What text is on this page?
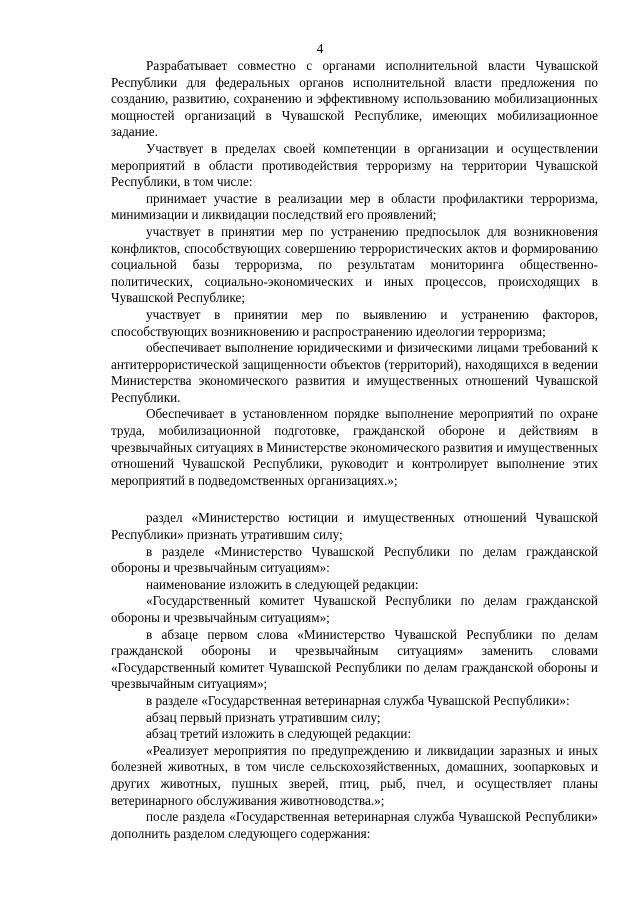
4

Разрабатывает совместно с органами исполнительной власти Чувашской Республики для федеральных органов исполнительной власти предложения по созданию, развитию, сохранению и эффективному использованию мобилизационных мощностей организаций в Чувашской Республике, имеющих мобилизационное задание.

Участвует в пределах своей компетенции в организации и осуществлении мероприятий в области противодействия терроризму на территории Чувашской Республики, в том числе:

принимает участие в реализации мер в области профилактики терроризма, минимизации и ликвидации последствий его проявлений;

участвует в принятии мер по устранению предпосылок для возникновения конфликтов, способствующих совершению террористических актов и формированию социальной базы терроризма, по результатам мониторинга общественно-политических, социально-экономических и иных процессов, происходящих в Чувашской Республике;

участвует в принятии мер по выявлению и устранению факторов, способствующих возникновению и распространению идеологии терроризма;

обеспечивает выполнение юридическими и физическими лицами требований к антитеррористической защищенности объектов (территорий), находящихся в ведении Министерства экономического развития и имущественных отношений Чувашской Республики.

Обеспечивает в установленном порядке выполнение мероприятий по охране труда, мобилизационной подготовке, гражданской обороне и действиям в чрезвычайных ситуациях в Министерстве экономического развития и имущественных отношений Чувашской Республики, руководит и контролирует выполнение этих мероприятий в подведомственных организациях.»;

раздел «Министерство юстиции и имущественных отношений Чувашской Республики» признать утратившим силу;

в разделе «Министерство Чувашской Республики по делам гражданской обороны и чрезвычайным ситуациям»:

наименование изложить в следующей редакции:

«Государственный комитет Чувашской Республики по делам гражданской обороны и чрезвычайным ситуациям»;

в абзаце первом слова «Министерство Чувашской Республики по делам гражданской обороны и чрезвычайным ситуациям» заменить словами «Государственный комитет Чувашской Республики по делам гражданской обороны и чрезвычайным ситуациям»;

в разделе «Государственная ветеринарная служба Чувашской Республики»:

абзац первый признать утратившим силу;

абзац третий изложить в следующей редакции:

«Реализует мероприятия по предупреждению и ликвидации заразных и иных болезней животных, в том числе сельскохозяйственных, домашних, зоопарковых и других животных, пушных зверей, птиц, рыб, пчел, и осуществляет планы ветеринарного обслуживания животноводства.»;

после раздела «Государственная ветеринарная служба Чувашской Республики» дополнить разделом следующего содержания:
